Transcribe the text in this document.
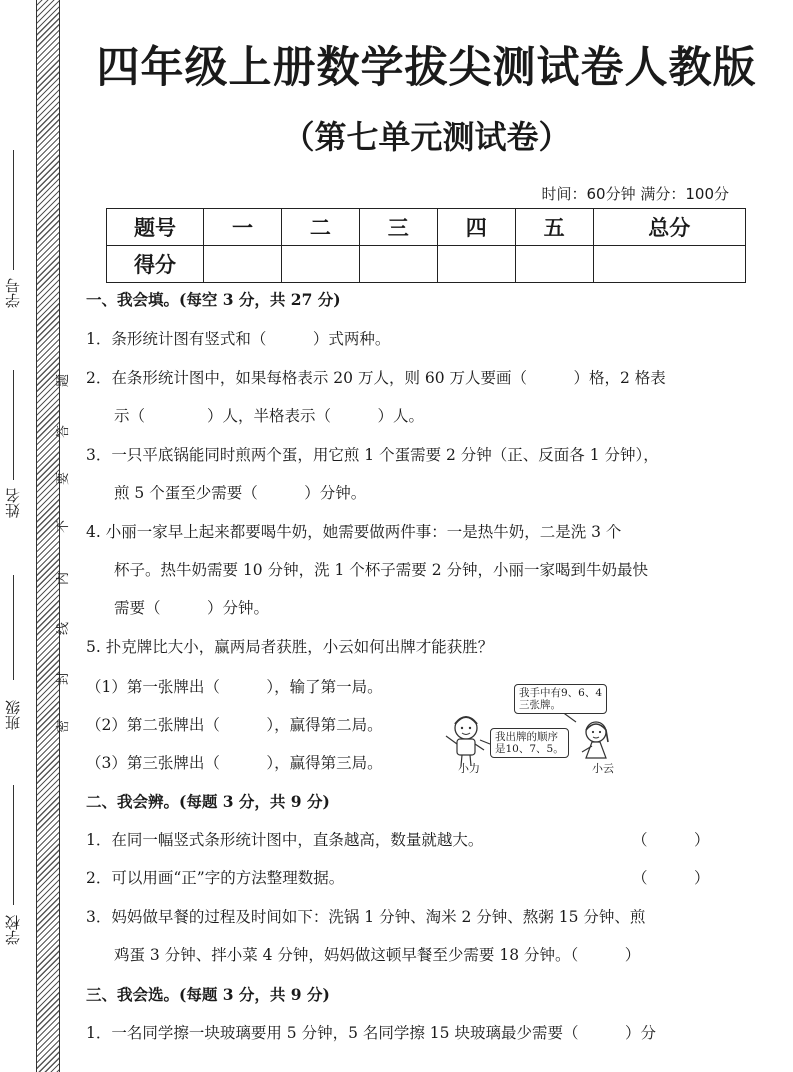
学号
姓名
班级
学校
题
答
要
不
内
线
封
密
四年级上册数学拔尖测试卷人教版
（第七单元测试卷）
时间：60分钟 满分：100分
题号	一	二	三	四	五	总分
得分						
一、我会填。(每空 3 分，共 27 分)
1．条形统计图有竖式和（　　　）式两种。
2．在条形统计图中，如果每格表示 20 万人，则 60 万人要画（　　　）格，2 格表
示（　　　　）人，半格表示（　　　）人。
3．一只平底锅能同时煎两个蛋，用它煎 1 个蛋需要 2 分钟（正、反面各 1 分钟），
煎 5 个蛋至少需要（　　　）分钟。
4. 小丽一家早上起来都要喝牛奶，她需要做两件事：一是热牛奶，二是洗 3 个
杯子。热牛奶需要 10 分钟，洗 1 个杯子需要 2 分钟，小丽一家喝到牛奶最快
需要（　　　）分钟。
5. 扑克牌比大小，赢两局者获胜，小云如何出牌才能获胜？
（1）第一张牌出（　　　），输了第一局。
（2）第二张牌出（　　　），赢得第二局。
（3）第三张牌出（　　　），赢得第三局。
我手中有9、6、4
三张牌。
我出牌的顺序
是10、7、5。
小力	小云
二、我会辨。(每题 3 分，共 9 分)
1．在同一幅竖式条形统计图中，直条越高，数量就越大。	（　　　）
2．可以用画“正”字的方法整理数据。	（　　　）
3．妈妈做早餐的过程及时间如下：洗锅 1 分钟、淘米 2 分钟、熬粥 15 分钟、煎
鸡蛋 3 分钟、拌小菜 4 分钟，妈妈做这顿早餐至少需要 18 分钟。（　　　）
三、我会选。(每题 3 分，共 9 分)
1．一名同学擦一块玻璃要用 5 分钟，5 名同学擦 15 块玻璃最少需要（　　　）分
